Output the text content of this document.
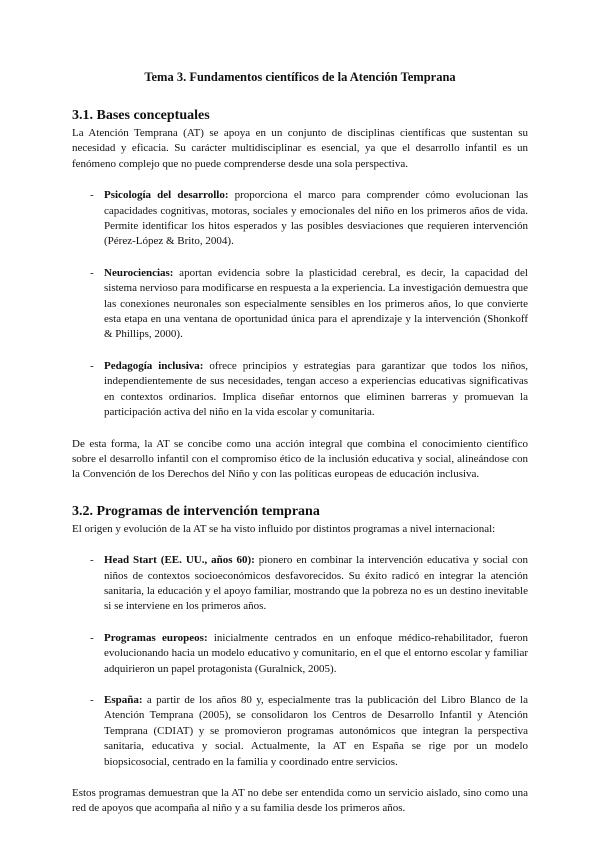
Tema 3. Fundamentos científicos de la Atención Temprana
3.1. Bases conceptuales

La Atención Temprana (AT) se apoya en un conjunto de disciplinas científicas que sustentan su necesidad y eficacia. Su carácter multidisciplinar es esencial, ya que el desarrollo infantil es un fenómeno complejo que no puede comprenderse desde una sola perspectiva.

- Psicología del desarrollo: proporciona el marco para comprender cómo evolucionan las capacidades cognitivas, motoras, sociales y emocionales del niño en los primeros años de vida. Permite identificar los hitos esperados y las posibles desviaciones que requieren intervención (Pérez-López & Brito, 2004).
- Neurociencias: aportan evidencia sobre la plasticidad cerebral, es decir, la capacidad del sistema nervioso para modificarse en respuesta a la experiencia. La investigación demuestra que las conexiones neuronales son especialmente sensibles en los primeros años, lo que convierte esta etapa en una ventana de oportunidad única para el aprendizaje y la intervención (Shonkoff & Phillips, 2000).
- Pedagogía inclusiva: ofrece principios y estrategias para garantizar que todos los niños, independientemente de sus necesidades, tengan acceso a experiencias educativas significativas en contextos ordinarios. Implica diseñar entornos que eliminen barreras y promuevan la participación activa del niño en la vida escolar y comunitaria.

De esta forma, la AT se concibe como una acción integral que combina el conocimiento científico sobre el desarrollo infantil con el compromiso ético de la inclusión educativa y social, alineándose con la Convención de los Derechos del Niño y con las políticas europeas de educación inclusiva.

3.2. Programas de intervención temprana

El origen y evolución de la AT se ha visto influido por distintos programas a nivel internacional:

- Head Start (EE. UU., años 60): pionero en combinar la intervención educativa y social con niños de contextos socioeconómicos desfavorecidos. Su éxito radicó en integrar la atención sanitaria, la educación y el apoyo familiar, mostrando que la pobreza no es un destino inevitable si se interviene en los primeros años.
- Programas europeos: inicialmente centrados en un enfoque médico-rehabilitador, fueron evolucionando hacia un modelo educativo y comunitario, en el que el entorno escolar y familiar adquirieron un papel protagonista (Guralnick, 2005).
- España: a partir de los años 80 y, especialmente tras la publicación del Libro Blanco de la Atención Temprana (2005), se consolidaron los Centros de Desarrollo Infantil y Atención Temprana (CDIAT) y se promovieron programas autonómicos que integran la perspectiva sanitaria, educativa y social. Actualmente, la AT en España se rige por un modelo biopsicosocial, centrado en la familia y coordinado entre servicios.

Estos programas demuestran que la AT no debe ser entendida como un servicio aislado, sino como una red de apoyos que acompaña al niño y a su familia desde los primeros años.
